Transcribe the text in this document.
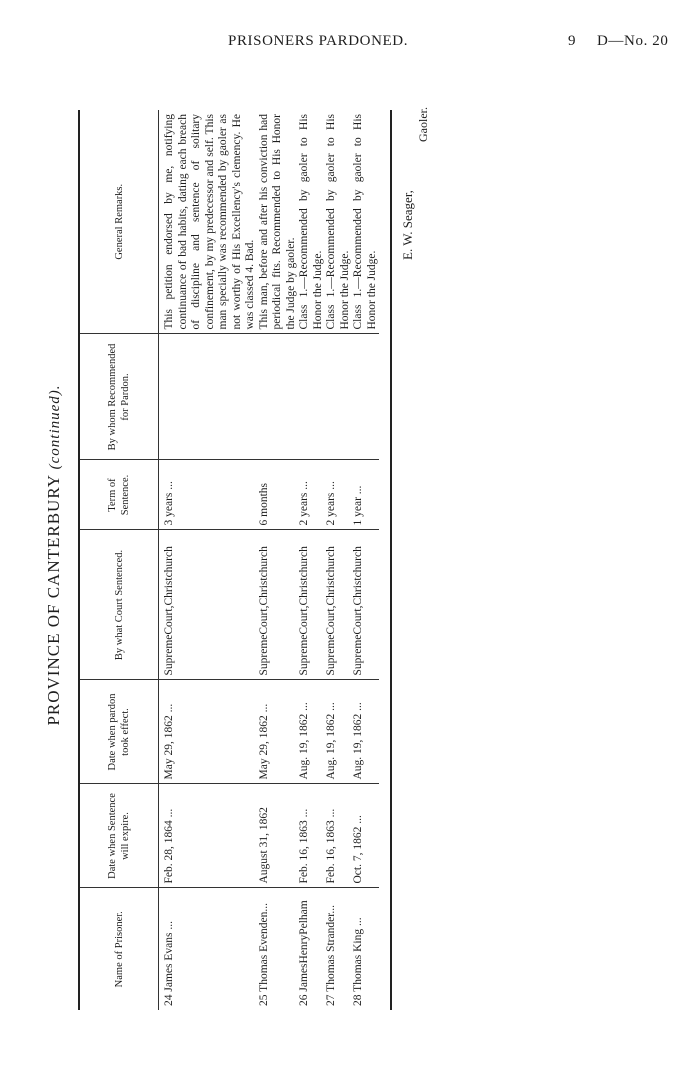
PRISONERS PARDONED.	9 D—No. 20
PROVINCE OF CANTERBURY (continued).
Name of Prisoner.	Date when Sentence will expire.	Date when pardon took effect.	By what Court Sentenced.	Term of Sentence.	By whom Recommended for Pardon.	General Remarks.
24 James Evans ...	Feb. 28, 1864 ...	May 29, 1862 ...	SupremeCourt,Christchurch	3 years ...		This petition endorsed by me, notifying continuance of bad habits, dating each breach of discipline and sentence of solitary confinement, by my predecessor and self. This man specially was recommended by gaoler as not worthy of His Excellency's clemency. He was classed 4. Bad.
25 Thomas Evenden...	August 31, 1862	May 29, 1862 ...	SupremeCourt,Christchurch	6 months		This man, before and after his conviction had periodical fits. Recommended to His Honor the Judge by gaoler.
26 JamesHenryPelham	Feb. 16, 1863 ...	Aug. 19, 1862 ...	SupremeCourt,Christchurch	2 years ...		Class 1.—Recommended by gaoler to His Honor the Judge.
27 Thomas Strander...	Feb. 16, 1863 ...	Aug. 19, 1862 ...	SupremeCourt,Christchurch	2 years ...		Class 1.—Recommended by gaoler to His Honor the Judge.
28 Thomas King ...	Oct. 7, 1862 ...	Aug. 19, 1862 ...	SupremeCourt,Christchurch	1 year ...		Class 1.—Recommended by gaoler to His Honor the Judge.
E. W. Seager,
Gaoler.
